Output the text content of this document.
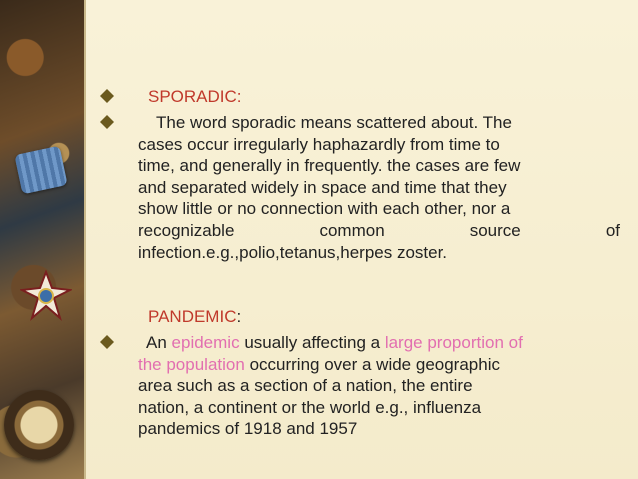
SPORADIC:
The word sporadic means scattered about. The
cases occur irregularly haphazardly from time to
time, and generally in frequently. the cases are few
and separated widely in space and time that they
show little or no connection with each other, nor a
recognizable	common	source	of
infection.e.g.,polio,tetanus,herpes zoster.
PANDEMIC:
An epidemic usually affecting a large proportion of
the population occurring over a wide geographic
area such as a section of a nation, the entire
nation, a continent or the world e.g., influenza
pandemics of 1918 and 1957
